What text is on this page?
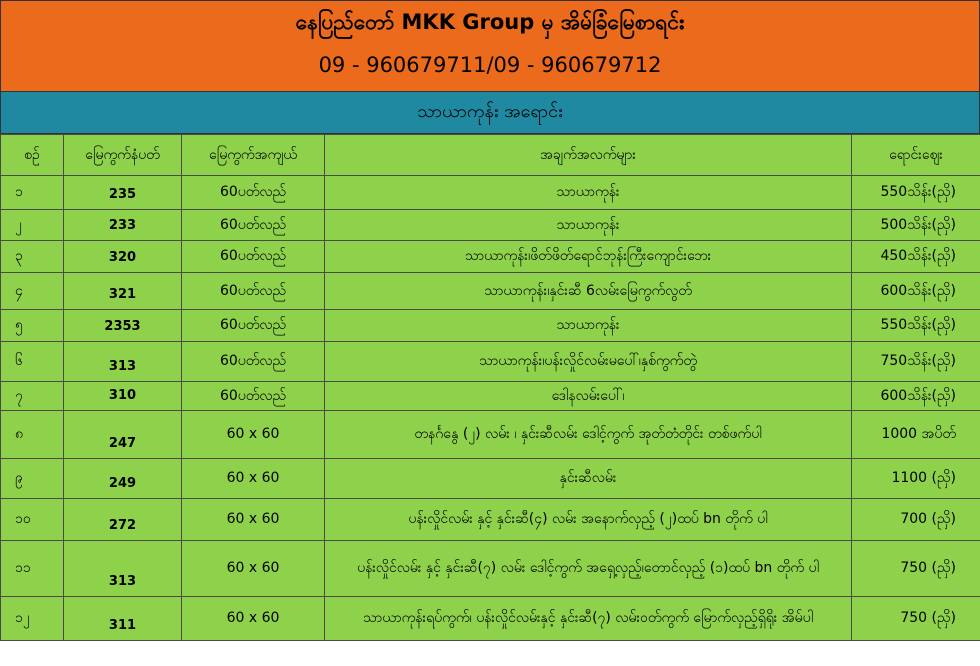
နေပြည်တော် MKK Group မှ အိမ်ခြံမြေစာရင်း
09 - 960679711/09 - 960679712
သာယာကုန်း အရောင်း
စဉ်	မြေကွက်နံပတ်	မြေကွက်အကျယ်	အချက်အလက်များ	ရောင်းဈေး
၁	235	60ပတ်လည်	သာယာကုန်း	550သိန်း(ညှိ)
၂	233	60ပတ်လည်	သာယာကုန်း	500သိန်း(ညှိ)
၃	320	60ပတ်လည်	သာယာကုန်း၊ဖိတ်ဖိတ်ရောင်ဘုန်းကြီးကျောင်းဘေး	450သိန်း(ညှိ)
၄	321	60ပတ်လည်	သာယာကုန်း၊နှင်းဆီ 6လမ်းမြေကွက်လွတ်	600သိန်း(ညှိ)
၅	2353	60ပတ်လည်	သာယာကုန်း	550သိန်း(ညှိ)
၆	313	60ပတ်လည်	သာယာကုန်း၊ပန်းလှိုင်လမ်းမပေါ်၊နှစ်ကွက်တွဲ	750သိန်း(ညှိ)
၇	310	60ပတ်လည်	ဒေါနလမ်းပေါ်၊	600သိန်း(ညှိ)
၈	247	60 x 60	တနင်္ဂနွေ (၂) လမ်း ၊ နှင်းဆီလမ်း ဒေါင့်ကွက် အုတ်တံတိုင်း တစ်ဖက်ပါ	1000 အပိတ်
၉	249	60 x 60	နှင်းဆီလမ်း	1100 (ညှိ)
၁၀	272	60 x 60	ပန်းလှိုင်လမ်း နှင့် နှင်းဆီ(၄) လမ်း အနောက်လှည့် (၂)ထပ် bn တိုက် ပါ	700 (ညှိ)
၁၁	313	60 x 60	ပန်းလှိုင်လမ်း နှင့် နှင်းဆီ(၇) လမ်း ဒေါင့်ကွက် အရှေ့လှည့်၊တောင်လှည့် (၁)ထပ် bn တိုက် ပါ	750 (ညှိ)
၁၂	311	60 x 60	သာယာကုန်းရပ်ကွက်၊ ပန်းလှိုင်လမ်းနှင့် နှင်းဆီ(၇) လမ်းဝတ်ကွက် မြောက်လှည့်ရှိရိုး အိမ်ပါ	750 (ညှိ)
